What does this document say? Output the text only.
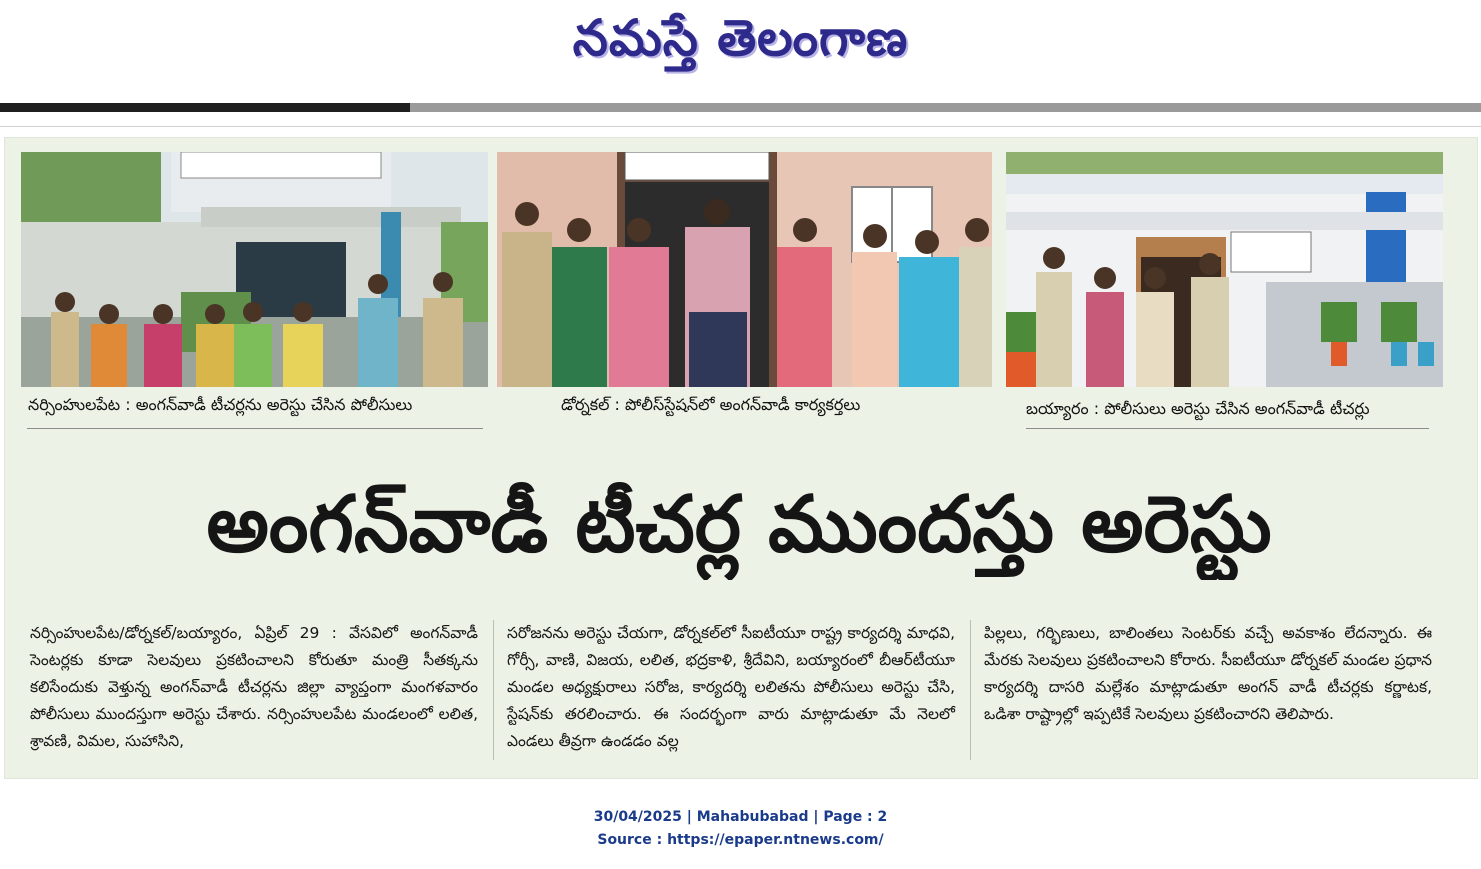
నమస్తే తెలంగాణ
నర్సింహులపేట : అంగన్‌వాడీ టీచర్లను అరెస్టు చేసిన పోలీసులు	డోర్నకల్ : పోలీస్‌స్టేషన్‌లో అంగన్‌వాడీ కార్యకర్తలు	బయ్యారం : పోలీసులు అరెస్టు చేసిన అంగన్‌వాడీ టీచర్లు
అంగన్‌వాడీ టీచర్ల ముందస్తు అరెస్టు

నర్సింహులపేట/డోర్నకల్/బయ్యారం, ఏప్రిల్ 29 : వేసవిలో అంగన్‌వాడీ సెంటర్లకు కూడా సెలవులు ప్రకటించాలని కోరుతూ మంత్రి సీతక్కను కలిసేందుకు వెళ్తున్న అంగన్‌వాడీ టీచర్లను జిల్లా వ్యాప్తంగా మంగళవారం పోలీసులు ముందస్తుగా అరెస్టు చేశారు. నర్సింహులపేట మండలంలో లలిత, శ్రావణి, విమల, సుహాసిని,

సరోజనను అరెస్టు చేయగా, డోర్నకల్‌లో సీఐటీయూ రాష్ట్ర కార్యదర్శి మాధవి, గోర్సీ, వాణి, విజయ, లలిత, భద్రకాళి, శ్రీదేవిని, బయ్యారంలో బీఆర్‌టీయూ మండల అధ్యక్షురాలు సరోజ, కార్యదర్శి లలితను పోలీసులు అరెస్టు చేసి, స్టేషన్‌కు తరలించారు. ఈ సందర్భంగా వారు మాట్లాడుతూ మే నెలలో ఎండలు తీవ్రగా ఉండడం వల్ల

పిల్లలు, గర్భిణులు, బాలింతలు సెంటర్‌కు వచ్చే అవకాశం లేదన్నారు. ఈ మేరకు సెలవులు ప్రకటించాలని కోరారు. సీఐటీయూ డోర్నకల్ మండల ప్రధాన కార్యదర్శి దాసరి మల్లేశం మాట్లాడుతూ అంగన్ వాడీ టీచర్లకు కర్ణాటక, ఒడిశా రాష్ట్రాల్లో ఇప్పటికే సెలవులు ప్రకటించారని తెలిపారు.

30/04/2025 | Mahabubabad | Page : 2
Source : https://epaper.ntnews.com/
